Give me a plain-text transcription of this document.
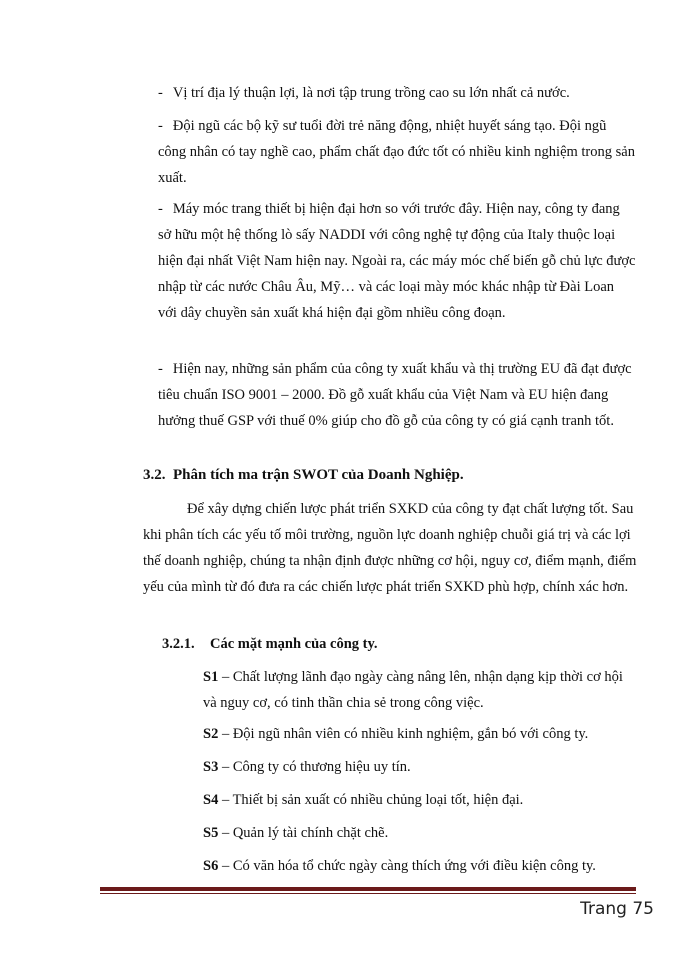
- Vị trí địa lý thuận lợi, là nơi tập trung trồng cao su lớn nhất cả nước.
- Đội ngũ các bộ kỹ sư tuổi đời trẻ năng động, nhiệt huyết sáng tạo. Đội ngũ công nhân có tay nghề cao, phẩm chất đạo đức tốt có nhiều kinh nghiệm trong sản xuất.
- Máy móc trang thiết bị hiện đại hơn so với trước đây. Hiện nay, công ty đang sở hữu một hệ thống lò sấy NADDI với công nghệ tự động của Italy thuộc loại hiện đại nhất Việt Nam hiện nay. Ngoài ra, các máy móc chế biến gỗ chủ lực được nhập từ các nước Châu Âu, Mỹ… và các loại mày móc khác nhập từ Đài Loan với dây chuyền sản xuất khá hiện đại gồm nhiều công đoạn.
- Hiện nay, những sản phẩm của công ty xuất khẩu và thị trường EU đã đạt được tiêu chuẩn ISO 9001 – 2000. Đồ gỗ xuất khẩu của Việt Nam và EU hiện đang hưởng thuế GSP với thuế 0% giúp cho đồ gỗ của công ty có giá cạnh tranh tốt.
3.2. Phân tích ma trận SWOT của Doanh Nghiệp.
Để xây dựng chiến lược phát triển SXKD của công ty đạt chất lượng tốt. Sau khi phân tích các yếu tố môi trường, nguồn lực doanh nghiệp chuỗi giá trị và các lợi thế doanh nghiệp, chúng ta nhận định được những cơ hội, nguy cơ, điểm mạnh, điểm yếu của mình từ đó đưa ra các chiến lược phát triển SXKD phù hợp, chính xác hơn.
3.2.1. Các mặt mạnh của công ty.
S1 – Chất lượng lãnh đạo ngày càng nâng lên, nhận dạng kịp thời cơ hội và nguy cơ, có tinh thần chia sẻ trong công việc.
S2 – Đội ngũ nhân viên có nhiều kinh nghiệm, gắn bó với công ty.
S3 – Công ty có thương hiệu uy tín.
S4 – Thiết bị sản xuất có nhiều chủng loại tốt, hiện đại.
S5 – Quản lý tài chính chặt chẽ.
S6 – Có văn hóa tổ chức ngày càng thích ứng với điều kiện công ty.
Trang 75
